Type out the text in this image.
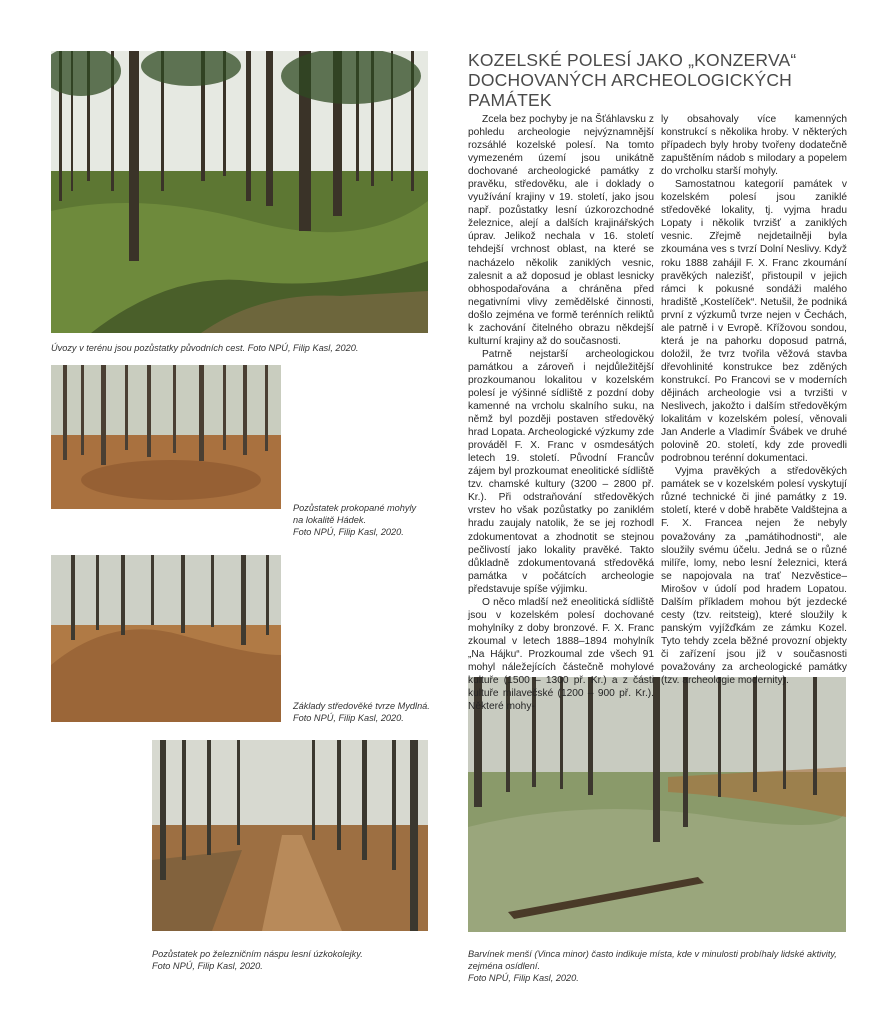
Úvozy v terénu jsou pozůstatky původních cest. Foto NPÚ, Filip Kasl, 2020.
Pozůstatek prokopané mohyly
na lokalitě Hádek.
Foto NPÚ, Filip Kasl, 2020.
Základy středověké tvrze Mydlná.
Foto NPÚ, Filip Kasl, 2020.
Pozůstatek po železničním náspu lesní úzkokolejky.
Foto NPÚ, Filip Kasl, 2020.
Barvínek menší (Vinca minor) často indikuje místa, kde v minulosti probíhaly lidské aktivity, zejména osídlení.
Foto NPÚ, Filip Kasl, 2020.
KOZELSKÉ POLESÍ JAKO „KONZERVA“
DOCHOVANÝCH ARCHEOLOGICKÝCH PAMÁTEK

Zcela bez pochyby je na Šťáhlavsku z pohledu archeologie nejvýznamnější rozsáhlé kozelské polesí. Na tomto vymezeném území jsou unikátně dochované archeologické památky z pravěku, středověku, ale i doklady o využívání krajiny v 19. století, jako jsou např. pozůstatky lesní úzkorozchodné železnice, alejí a dalších krajinářských úprav. Jelikož nechala v 16. století tehdejší vrchnost oblast, na které se nacházelo několik zaniklých vesnic, zalesnit a až doposud je oblast lesnicky obhospodařována a chráněna před negativními vlivy zemědělské činnosti, došlo zejména ve formě terénních reliktů k zachování čitelného obrazu někdejší kulturní krajiny až do současnosti.

Patrně nejstarší archeologickou památkou a zároveň i nejdůležitější prozkoumanou lokalitou v kozelském polesí je výšinné sídliště z pozdní doby kamenné na vrcholu skalního suku, na němž byl později postaven středověký hrad Lopata. Archeologické výzkumy zde prováděl F. X. Franc v osmdesátých letech 19. století. Původní Francův zájem byl prozkoumat eneolitické sídliště tzv. chamské kultury (3200 – 2800 př. Kr.). Při odstraňování středověkých vrstev ho však pozůstatky po zaniklém hradu zaujaly natolik, že se jej rozhodl zdokumentovat a zhodnotit se stejnou pečlivostí jako lokality pravěké. Takto důkladně zdokumentovaná středověká památka v počátcích archeologie představuje spíše výjimku.

O něco mladší než eneolitická sídliště jsou v kozelském polesí dochované mohylníky z doby bronzové. F. X. Franc zkoumal v letech 1888–1894 mohylník „Na Hájku“. Prozkoumal zde všech 91 mohyl náležejících částečně mohylové kultuře (1500 – 1300 př. Kr.) a z části kultuře milavečské (1200 – 900 př. Kr.). Některé mohy-

ly obsahovaly více kamenných konstrukcí s několika hroby. V některých případech byly hroby tvořeny dodatečně zapuštěním nádob s milodary a popelem do vrcholku starší mohyly.

Samostatnou kategorií památek v kozelském polesí jsou zaniklé středověké lokality, tj. vyjma hradu Lopaty i několik tvrzišť a zaniklých vesnic. Zřejmě nejdetailněji byla zkoumána ves s tvrzí Dolní Neslivy. Když roku 1888 zahájil F. X. Franc zkoumání pravěkých nalezišť, přistoupil v jejich rámci k pokusné sondáži malého hradiště „Kostelíček“. Netušil, že podniká první z výzkumů tvrze nejen v Čechách, ale patrně i v Evropě. Křížovou sondou, která je na pahorku doposud patrná, doložil, že tvrz tvořila věžová stavba dřevohlinité konstrukce bez zděných konstrukcí. Po Francovi se v moderních dějinách archeologie vsi a tvrzišti v Neslivech, jakožto i dalším středověkým lokalitám v kozelském polesí, věnovali Jan Anderle a Vladimír Švábek ve druhé polovině 20. století, kdy zde provedli podrobnou terénní dokumentaci.

Vyjma pravěkých a středověkých památek se v kozelském polesí vyskytují různé technické či jiné památky z 19. století, které v době hraběte Valdštejna a F. X. Francea nejen že nebyly považovány za „památihodnosti“, ale sloužily svému účelu. Jedná se o různé milíře, lomy, nebo lesní železnici, která se napojovala na trať Nezvěstice–Mirošov v údolí pod hradem Lopatou. Dalším příkladem mohou být jezdecké cesty (tzv. reitsteig), které sloužily k panským vyjížďkám ze zámku Kozel. Tyto tehdy zcela běžné provozní objekty či zařízení jsou již v současnosti považovány za archeologické památky (tzv. archeologie modernity).
